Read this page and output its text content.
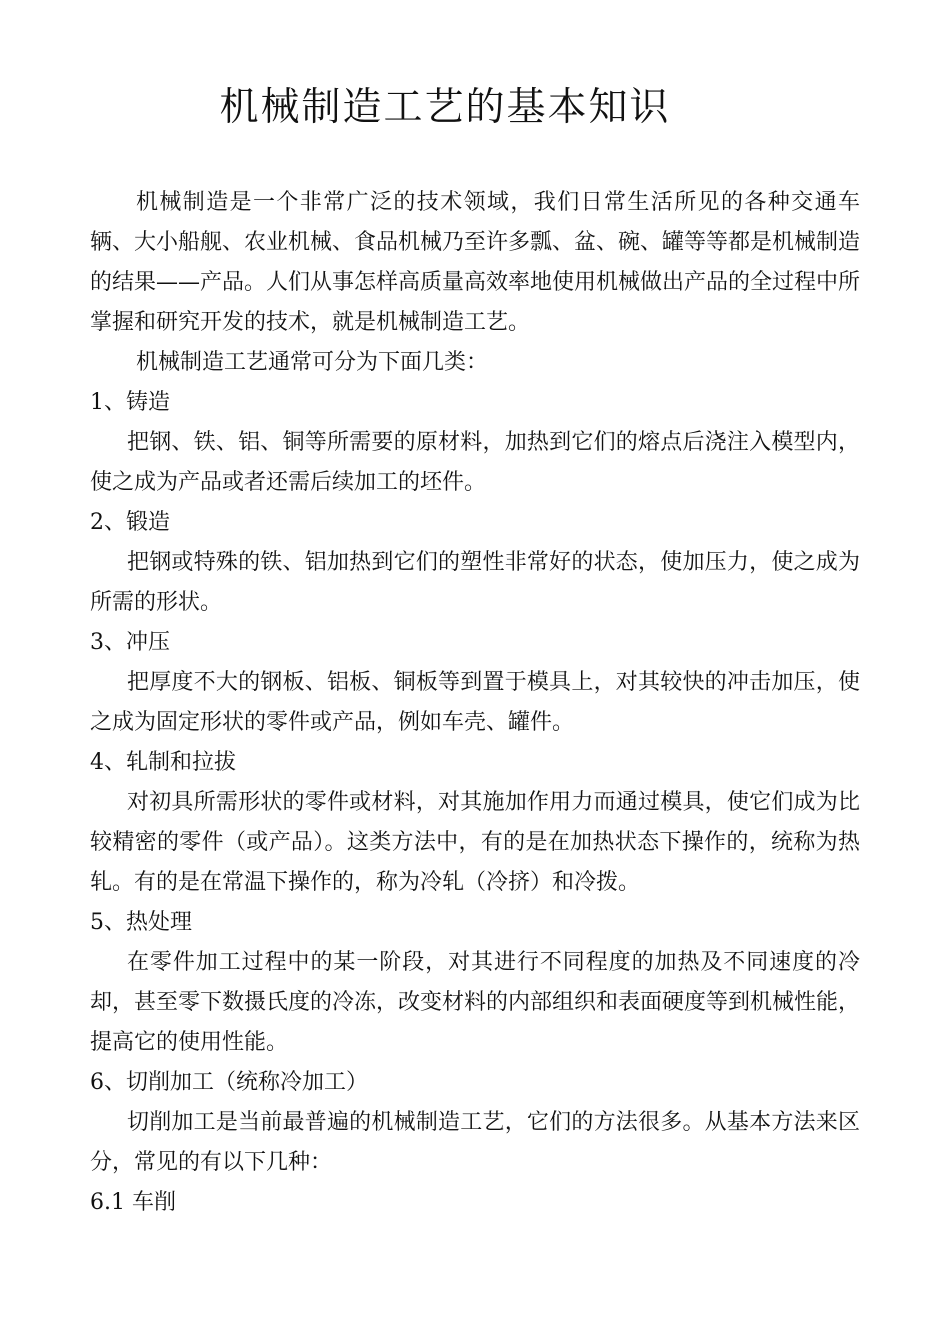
机械制造工艺的基本知识

机械制造是一个非常广泛的技术领域，我们日常生活所见的各种交通车辆、大小船舰、农业机械、食品机械乃至许多瓢、盆、碗、罐等等都是机械制造的结果——产品。人们从事怎样高质量高效率地使用机械做出产品的全过程中所掌握和研究开发的技术，就是机械制造工艺。

机械制造工艺通常可分为下面几类：

1、铸造

把钢、铁、铝、铜等所需要的原材料，加热到它们的熔点后浇注入模型内，使之成为产品或者还需后续加工的坯件。

2、锻造

把钢或特殊的铁、铝加热到它们的塑性非常好的状态，使加压力，使之成为所需的形状。

3、冲压

把厚度不大的钢板、铝板、铜板等到置于模具上，对其较快的冲击加压，使之成为固定形状的零件或产品，例如车壳、罐件。

4、轧制和拉拔

对初具所需形状的零件或材料，对其施加作用力而通过模具，使它们成为比较精密的零件（或产品）。这类方法中，有的是在加热状态下操作的，统称为热轧。有的是在常温下操作的，称为冷轧（冷挤）和冷拨。

5、热处理

在零件加工过程中的某一阶段，对其进行不同程度的加热及不同速度的冷却，甚至零下数摄氏度的冷冻，改变材料的内部组织和表面硬度等到机械性能，提高它的使用性能。

6、切削加工（统称冷加工）

切削加工是当前最普遍的机械制造工艺，它们的方法很多。从基本方法来区分，常见的有以下几种：

6.1 车削
